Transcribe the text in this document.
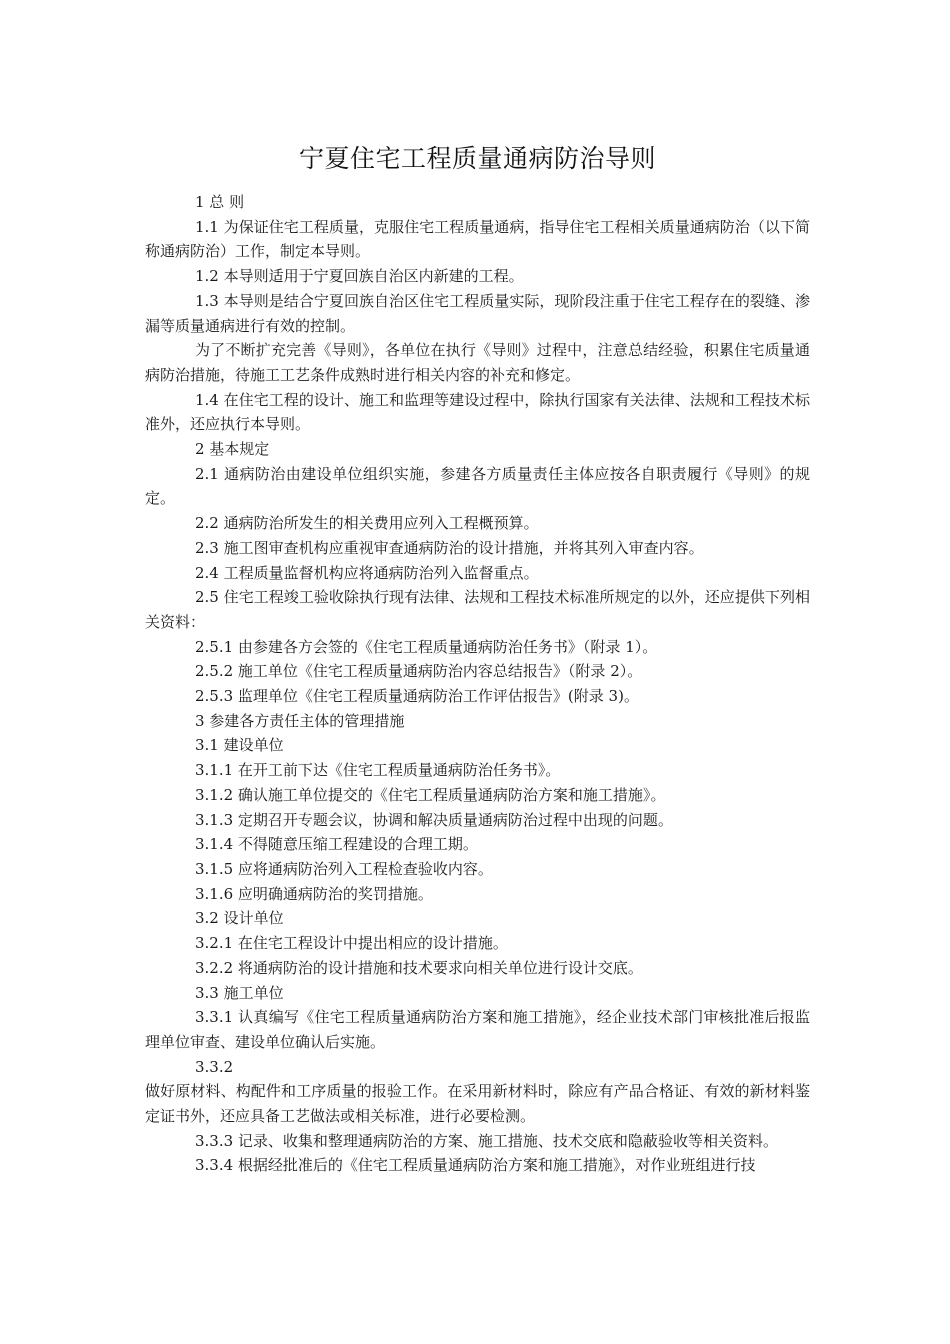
宁夏住宅工程质量通病防治导则

1 总 则

1.1 为保证住宅工程质量，克服住宅工程质量通病，指导住宅工程相关质量通病防治（以下简称通病防治）工作，制定本导则。

1.2 本导则适用于宁夏回族自治区内新建的工程。

1.3 本导则是结合宁夏回族自治区住宅工程质量实际，现阶段注重于住宅工程存在的裂缝、渗漏等质量通病进行有效的控制。

为了不断扩充完善《导则》，各单位在执行《导则》过程中，注意总结经验，积累住宅质量通病防治措施，待施工工艺条件成熟时进行相关内容的补充和修定。

1.4 在住宅工程的设计、施工和监理等建设过程中，除执行国家有关法律、法规和工程技术标准外，还应执行本导则。

2 基本规定

2.1 通病防治由建设单位组织实施，参建各方质量责任主体应按各自职责履行《导则》的规定。

2.2 通病防治所发生的相关费用应列入工程概预算。

2.3 施工图审查机构应重视审查通病防治的设计措施，并将其列入审查内容。

2.4 工程质量监督机构应将通病防治列入监督重点。

2.5 住宅工程竣工验收除执行现有法律、法规和工程技术标准所规定的以外，还应提供下列相关资料：

2.5.1 由参建各方会签的《住宅工程质量通病防治任务书》（附录 1）。

2.5.2 施工单位《住宅工程质量通病防治内容总结报告》（附录 2）。

2.5.3 监理单位《住宅工程质量通病防治工作评估报告》(附录 3)。

3 参建各方责任主体的管理措施

3.1 建设单位

3.1.1 在开工前下达《住宅工程质量通病防治任务书》。

3.1.2 确认施工单位提交的《住宅工程质量通病防治方案和施工措施》。

3.1.3 定期召开专题会议，协调和解决质量通病防治过程中出现的问题。

3.1.4 不得随意压缩工程建设的合理工期。

3.1.5 应将通病防治列入工程检查验收内容。

3.1.6 应明确通病防治的奖罚措施。

3.2 设计单位

3.2.1 在住宅工程设计中提出相应的设计措施。

3.2.2 将通病防治的设计措施和技术要求向相关单位进行设计交底。

3.3 施工单位

3.3.1 认真编写《住宅工程质量通病防治方案和施工措施》，经企业技术部门审核批准后报监理单位审查、建设单位确认后实施。

3.3.2

做好原材料、构配件和工序质量的报验工作。在采用新材料时，除应有产品合格证、有效的新材料鉴定证书外，还应具备工艺做法或相关标准，进行必要检测。

3.3.3 记录、收集和整理通病防治的方案、施工措施、技术交底和隐蔽验收等相关资料。

3.3.4 根据经批准后的《住宅工程质量通病防治方案和施工措施》，对作业班组进行技
